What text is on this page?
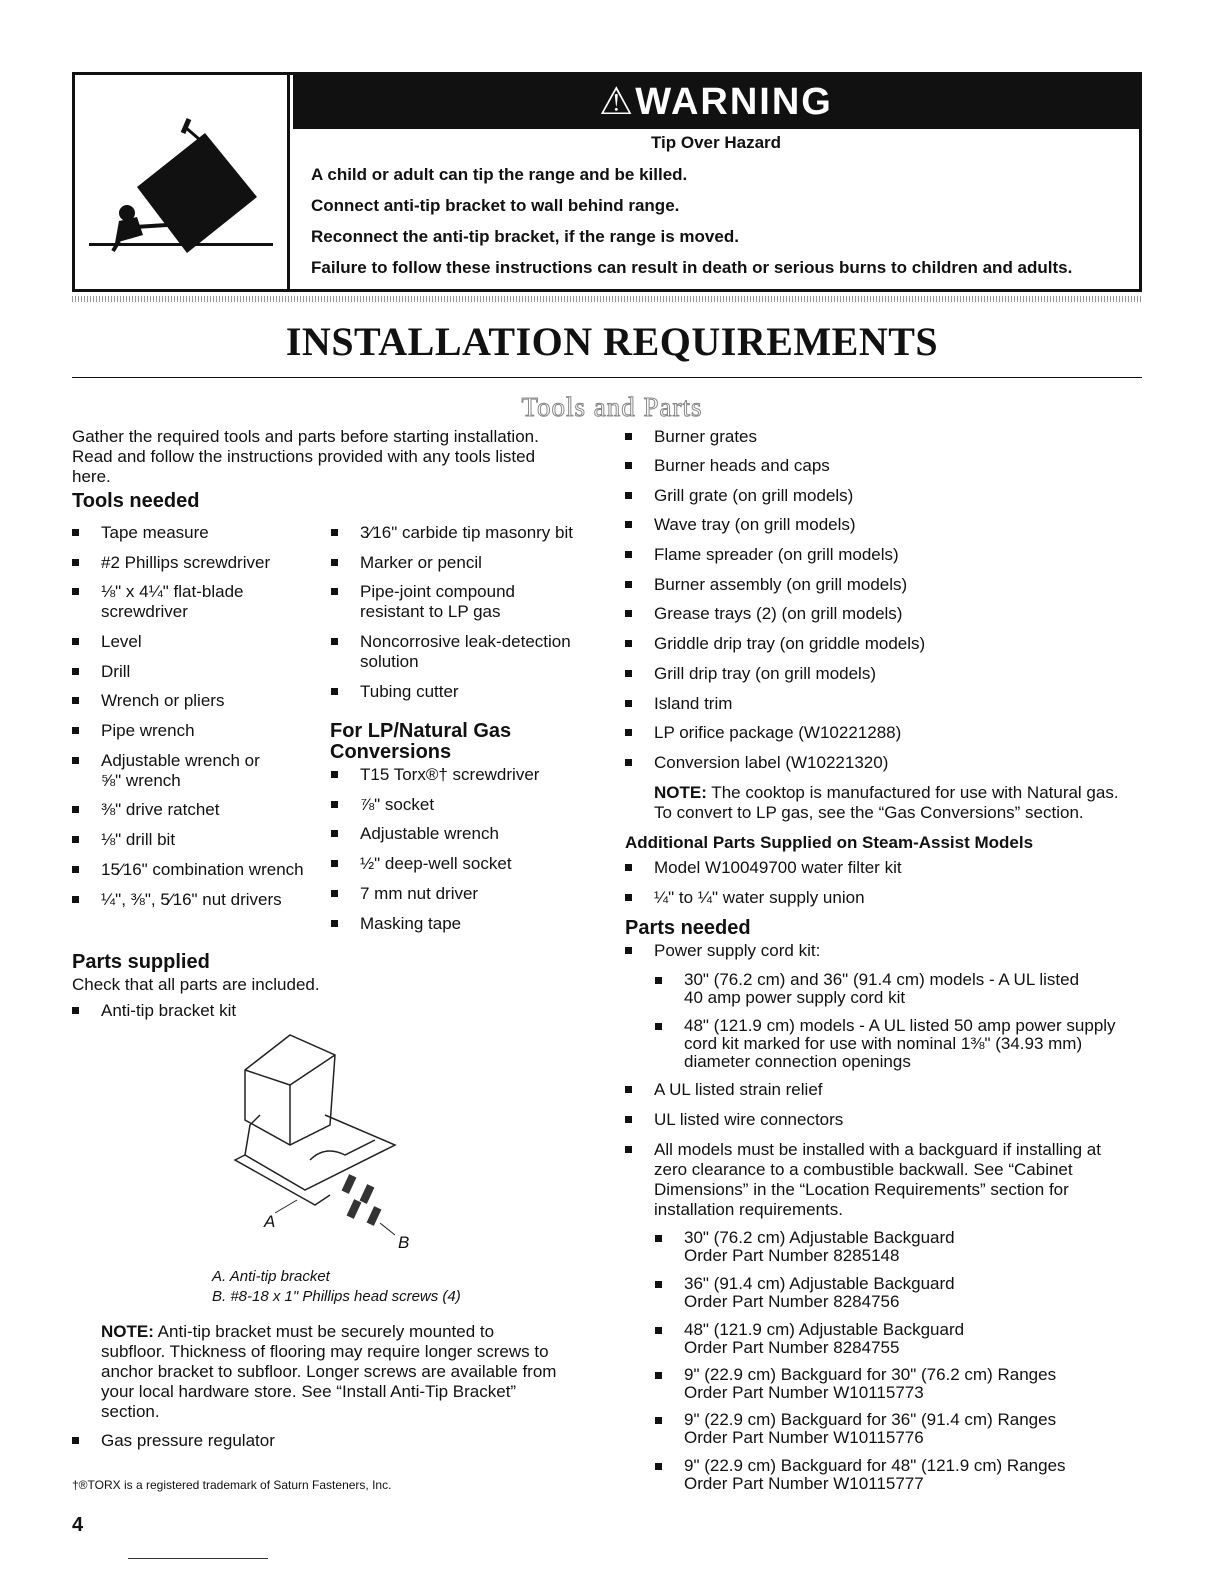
⚠WARNING
Tip Over Hazard
A child or adult can tip the range and be killed.
Connect anti-tip bracket to wall behind range.
Reconnect the anti-tip bracket, if the range is moved.
Failure to follow these instructions can result in death or serious burns to children and adults.
INSTALLATION REQUIREMENTS
Tools and Parts
Gather the required tools and parts before starting installation.
Read and follow the instructions provided with any tools listed
here.
Tools needed
Tape measure
#2 Phillips screwdriver
⅛" x 4¼" flat-blade
screwdriver
Level
Drill
Wrench or pliers
Pipe wrench
Adjustable wrench or
⅝" wrench
⅜" drive ratchet
⅛" drill bit
15⁄16" combination wrench
¼", ⅜", 5⁄16" nut drivers
3⁄16" carbide tip masonry bit
Marker or pencil
Pipe-joint compound
resistant to LP gas
Noncorrosive leak-detection
solution
Tubing cutter
For LP/Natural Gas
Conversions
T15 Torx®† screwdriver
⅞" socket
Adjustable wrench
½" deep-well socket
7 mm nut driver
Masking tape
Parts supplied
Check that all parts are included.
Anti-tip bracket kit
A
B
A. Anti-tip bracket
B. #8-18 x 1" Phillips head screws (4)
NOTE: Anti-tip bracket must be securely mounted to
subfloor. Thickness of flooring may require longer screws to
anchor bracket to subfloor. Longer screws are available from
your local hardware store. See “Install Anti-Tip Bracket”
section.
Gas pressure regulator
†®TORX is a registered trademark of Saturn Fasteners, Inc.
4
Burner grates
Burner heads and caps
Grill grate (on grill models)
Wave tray (on grill models)
Flame spreader (on grill models)
Burner assembly (on grill models)
Grease trays (2) (on grill models)
Griddle drip tray (on griddle models)
Grill drip tray (on grill models)
Island trim
LP orifice package (W10221288)
Conversion label (W10221320)
NOTE: The cooktop is manufactured for use with Natural gas.
To convert to LP gas, see the “Gas Conversions” section.
Additional Parts Supplied on Steam-Assist Models
Model W10049700 water filter kit
¼" to ¼" water supply union
Parts needed
Power supply cord kit:
30" (76.2 cm) and 36" (91.4 cm) models - A UL listed
40 amp power supply cord kit
48" (121.9 cm) models - A UL listed 50 amp power supply
cord kit marked for use with nominal 1⅜" (34.93 mm)
diameter connection openings
A UL listed strain relief
UL listed wire connectors
All models must be installed with a backguard if installing at
zero clearance to a combustible backwall. See “Cabinet
Dimensions” in the “Location Requirements” section for
installation requirements.
30" (76.2 cm) Adjustable Backguard
Order Part Number 8285148
36" (91.4 cm) Adjustable Backguard
Order Part Number 8284756
48" (121.9 cm) Adjustable Backguard
Order Part Number 8284755
9" (22.9 cm) Backguard for 30" (76.2 cm) Ranges
Order Part Number W10115773
9" (22.9 cm) Backguard for 36" (91.4 cm) Ranges
Order Part Number W10115776
9" (22.9 cm) Backguard for 48" (121.9 cm) Ranges
Order Part Number W10115777
